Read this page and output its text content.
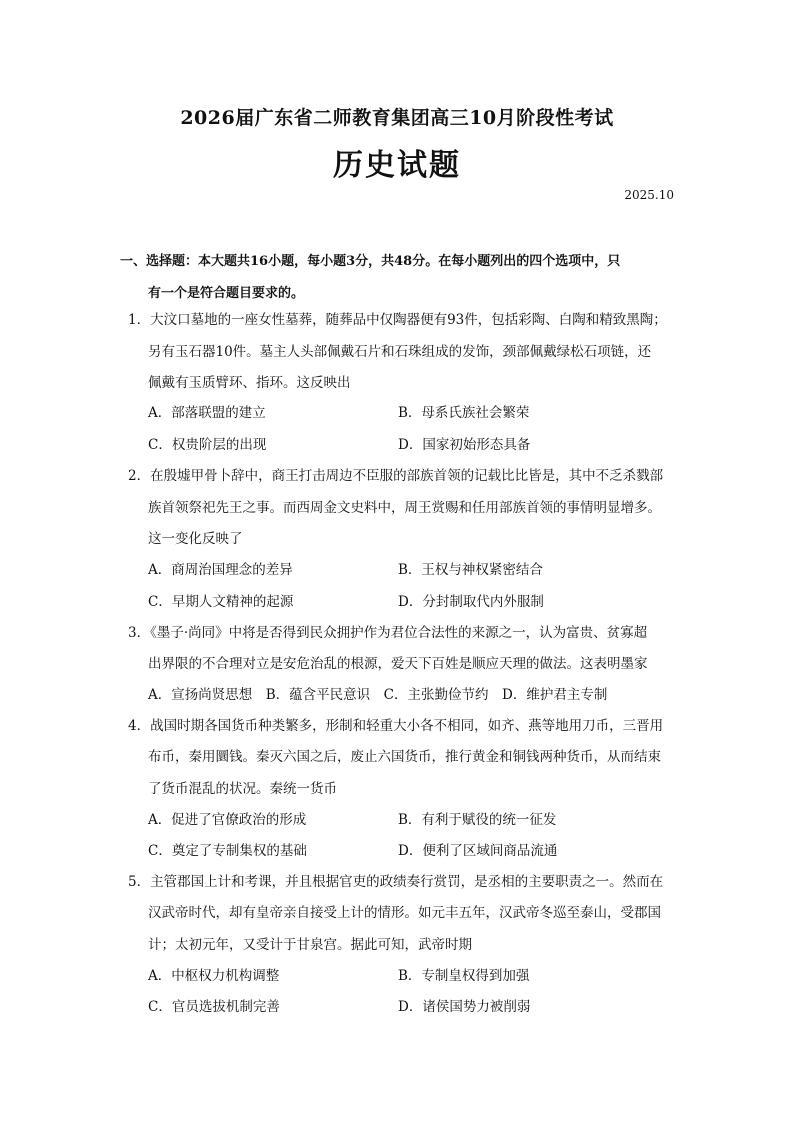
2026届广东省二师教育集团高三10月阶段性考试
历史试题
2025.10
一、选择题：本大题共16小题，每小题3分，共48分。在每小题列出的四个选项中，只
有一个是符合题目要求的。
1．大汶口墓地的一座女性墓葬，随葬品中仅陶器便有93件，包括彩陶、白陶和精致黑陶；
另有玉石器10件。墓主人头部佩戴石片和石珠组成的发饰，颈部佩戴绿松石项链，还
佩戴有玉质臂环、指环。这反映出
A．部落联盟的建立	B．母系氏族社会繁荣
C．权贵阶层的出现	D．国家初始形态具备
2．在殷墟甲骨卜辞中，商王打击周边不臣服的部族首领的记载比比皆是，其中不乏杀戮部
族首领祭祀先王之事。而西周金文史料中，周王赏赐和任用部族首领的事情明显增多。
这一变化反映了
A．商周治国理念的差异	B．王权与神权紧密结合
C．早期人文精神的起源	D．分封制取代内外服制
3．《墨子·尚同》中将是否得到民众拥护作为君位合法性的来源之一，认为富贵、贫寡超
出界限的不合理对立是安危治乱的根源，爱天下百姓是顺应天理的做法。这表明墨家
A．宣扬尚贤思想　B．蕴含平民意识　C．主张勤俭节约　D．维护君主专制
4．战国时期各国货币种类繁多，形制和轻重大小各不相同，如齐、燕等地用刀币，三晋用
布币，秦用圜钱。秦灭六国之后，废止六国货币，推行黄金和铜钱两种货币，从而结束
了货币混乱的状况。秦统一货币
A．促进了官僚政治的形成	B．有利于赋役的统一征发
C．奠定了专制集权的基础	D．便利了区域间商品流通
5．主管郡国上计和考课，并且根据官吏的政绩奏行赏罚，是丞相的主要职责之一。然而在
汉武帝时代，却有皇帝亲自接受上计的情形。如元丰五年，汉武帝冬巡至泰山，受郡国
计；太初元年，又受计于甘泉宫。据此可知，武帝时期
A．中枢权力机构调整	B．专制皇权得到加强
C．官员选拔机制完善	D．诸侯国势力被削弱
